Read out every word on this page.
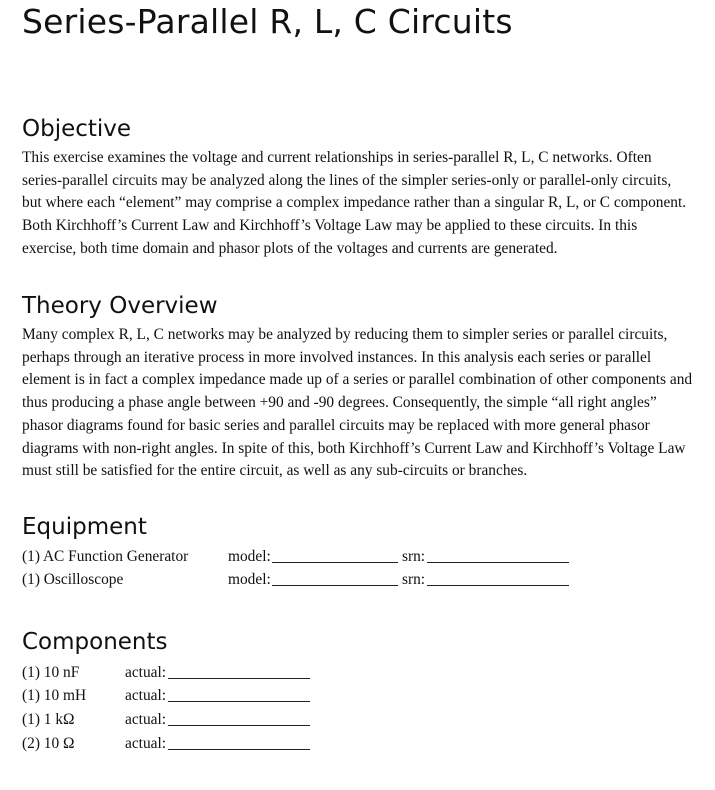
Series-Parallel R, L, C Circuits
Objective

This exercise examines the voltage and current relationships in series-parallel R, L, C networks. Often series-parallel circuits may be analyzed along the lines of the simpler series-only or parallel-only circuits, but where each “element” may comprise a complex impedance rather than a singular R, L, or C component. Both Kirchhoff’s Current Law and Kirchhoff’s Voltage Law may be applied to these circuits. In this exercise, both time domain and phasor plots of the voltages and currents are generated.

Theory Overview

Many complex R, L, C networks may be analyzed by reducing them to simpler series or parallel circuits, perhaps through an iterative process in more involved instances. In this analysis each series or parallel element is in fact a complex impedance made up of a series or parallel combination of other components and thus producing a phase angle between +90 and -90 degrees. Consequently, the simple “all right angles” phasor diagrams found for basic series and parallel circuits may be replaced with more general phasor diagrams with non-right angles. In spite of this, both Kirchhoff’s Current Law and Kirchhoff’s Voltage Law must still be satisfied for the entire circuit, as well as any sub-circuits or branches.

Equipment
(1) AC Function Generator	model:	srn:
(1) Oscilloscope	model:	srn:
Components
(1) 10 nF	actual:
(1) 10 mH	actual:
(1) 1 kΩ	actual:
(2) 10 Ω	actual:
